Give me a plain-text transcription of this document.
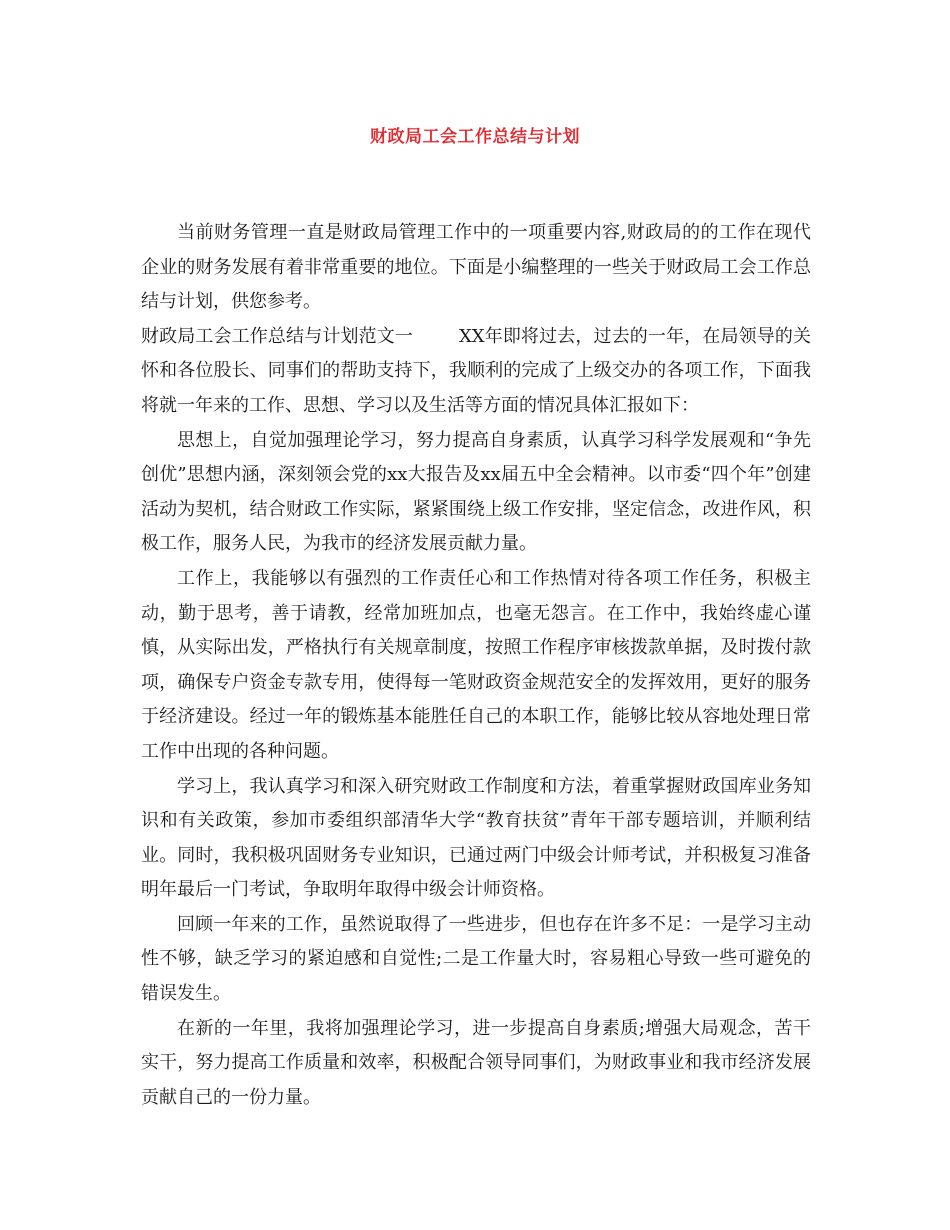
财政局工会工作总结与计划

当前财务管理一直是财政局管理工作中的一项重要内容,财政局的的工作在现代企业的财务发展有着非常重要的地位。下面是小编整理的一些关于财政局工会工作总结与计划，供您参考。

财政局工会工作总结与计划范文一	XX年即将过去，过去的一年，在局领导的关怀和各位股长、同事们的帮助支持下，我顺利的完成了上级交办的各项工作，下面我将就一年来的工作、思想、学习以及生活等方面的情况具体汇报如下：

思想上，自觉加强理论学习，努力提高自身素质，认真学习科学发展观和“争先创优”思想内涵，深刻领会党的xx大报告及xx届五中全会精神。以市委“四个年”创建活动为契机，结合财政工作实际，紧紧围绕上级工作安排，坚定信念，改进作风，积极工作，服务人民，为我市的经济发展贡献力量。

工作上，我能够以有强烈的工作责任心和工作热情对待各项工作任务，积极主动，勤于思考，善于请教，经常加班加点，也毫无怨言。在工作中，我始终虚心谨慎，从实际出发，严格执行有关规章制度，按照工作程序审核拨款单据，及时拨付款项，确保专户资金专款专用，使得每一笔财政资金规范安全的发挥效用，更好的服务于经济建设。经过一年的锻炼基本能胜任自己的本职工作，能够比较从容地处理日常工作中出现的各种问题。

学习上，我认真学习和深入研究财政工作制度和方法，着重掌握财政国库业务知识和有关政策，参加市委组织部清华大学“教育扶贫”青年干部专题培训，并顺利结业。同时，我积极巩固财务专业知识，已通过两门中级会计师考试，并积极复习准备明年最后一门考试，争取明年取得中级会计师资格。

回顾一年来的工作，虽然说取得了一些进步，但也存在许多不足：一是学习主动性不够，缺乏学习的紧迫感和自觉性;二是工作量大时，容易粗心导致一些可避免的错误发生。

在新的一年里，我将加强理论学习，进一步提高自身素质;增强大局观念，苦干实干，努力提高工作质量和效率，积极配合领导同事们，为财政事业和我市经济发展贡献自己的一份力量。
